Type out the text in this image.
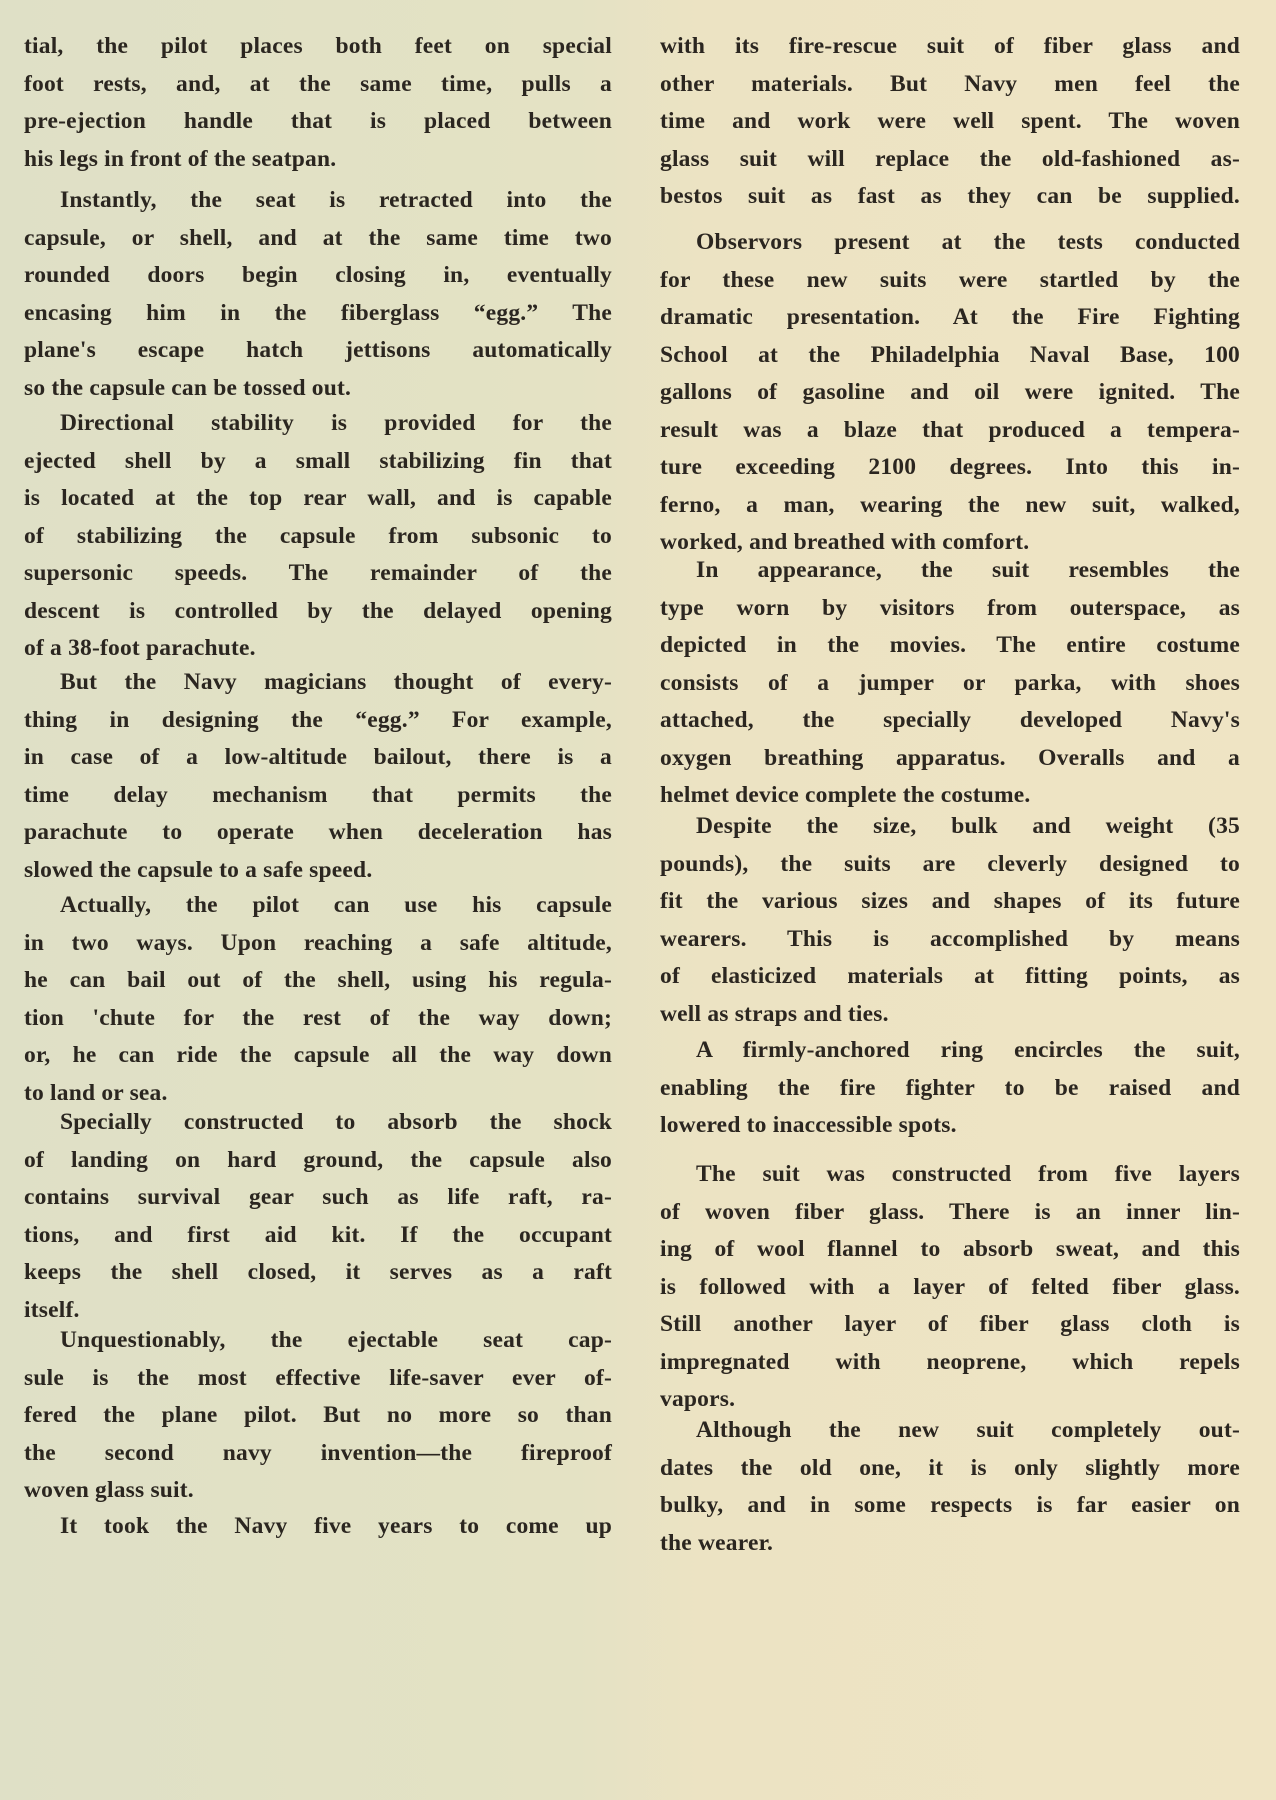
tial, the pilot places both feet on special
foot rests, and, at the same time, pulls a
pre-ejection handle that is placed between
his legs in front of the seatpan.
Instantly, the seat is retracted into the
capsule, or shell, and at the same time two
rounded doors begin closing in, eventually
encasing him in the fiberglass “egg.” The
plane's escape hatch jettisons automatically
so the capsule can be tossed out.
Directional stability is provided for the
ejected shell by a small stabilizing fin that
is located at the top rear wall, and is capable
of stabilizing the capsule from subsonic to
supersonic speeds. The remainder of the
descent is controlled by the delayed opening
of a 38-foot parachute.
But the Navy magicians thought of every-
thing in designing the “egg.” For example,
in case of a low-altitude bailout, there is a
time delay mechanism that permits the
parachute to operate when deceleration has
slowed the capsule to a safe speed.
Actually, the pilot can use his capsule
in two ways. Upon reaching a safe altitude,
he can bail out of the shell, using his regula-
tion 'chute for the rest of the way down;
or, he can ride the capsule all the way down
to land or sea.
Specially constructed to absorb the shock
of landing on hard ground, the capsule also
contains survival gear such as life raft, ra-
tions, and first aid kit. If the occupant
keeps the shell closed, it serves as a raft
itself.
Unquestionably, the ejectable seat cap-
sule is the most effective life-saver ever of-
fered the plane pilot. But no more so than
the second navy invention—the fireproof
woven glass suit.
It took the Navy five years to come up
with its fire-rescue suit of fiber glass and
other materials. But Navy men feel the
time and work were well spent. The woven
glass suit will replace the old-fashioned as-
bestos suit as fast as they can be supplied.
Observors present at the tests conducted
for these new suits were startled by the
dramatic presentation. At the Fire Fighting
School at the Philadelphia Naval Base, 100
gallons of gasoline and oil were ignited. The
result was a blaze that produced a tempera-
ture exceeding 2100 degrees. Into this in-
ferno, a man, wearing the new suit, walked,
worked, and breathed with comfort.
In appearance, the suit resembles the
type worn by visitors from outerspace, as
depicted in the movies. The entire costume
consists of a jumper or parka, with shoes
attached, the specially developed Navy's
oxygen breathing apparatus. Overalls and a
helmet device complete the costume.
Despite the size, bulk and weight (35
pounds), the suits are cleverly designed to
fit the various sizes and shapes of its future
wearers. This is accomplished by means
of elasticized materials at fitting points, as
well as straps and ties.
A firmly-anchored ring encircles the suit,
enabling the fire fighter to be raised and
lowered to inaccessible spots.
The suit was constructed from five layers
of woven fiber glass. There is an inner lin-
ing of wool flannel to absorb sweat, and this
is followed with a layer of felted fiber glass.
Still another layer of fiber glass cloth is
impregnated with neoprene, which repels
vapors.
Although the new suit completely out-
dates the old one, it is only slightly more
bulky, and in some respects is far easier on
the wearer.
